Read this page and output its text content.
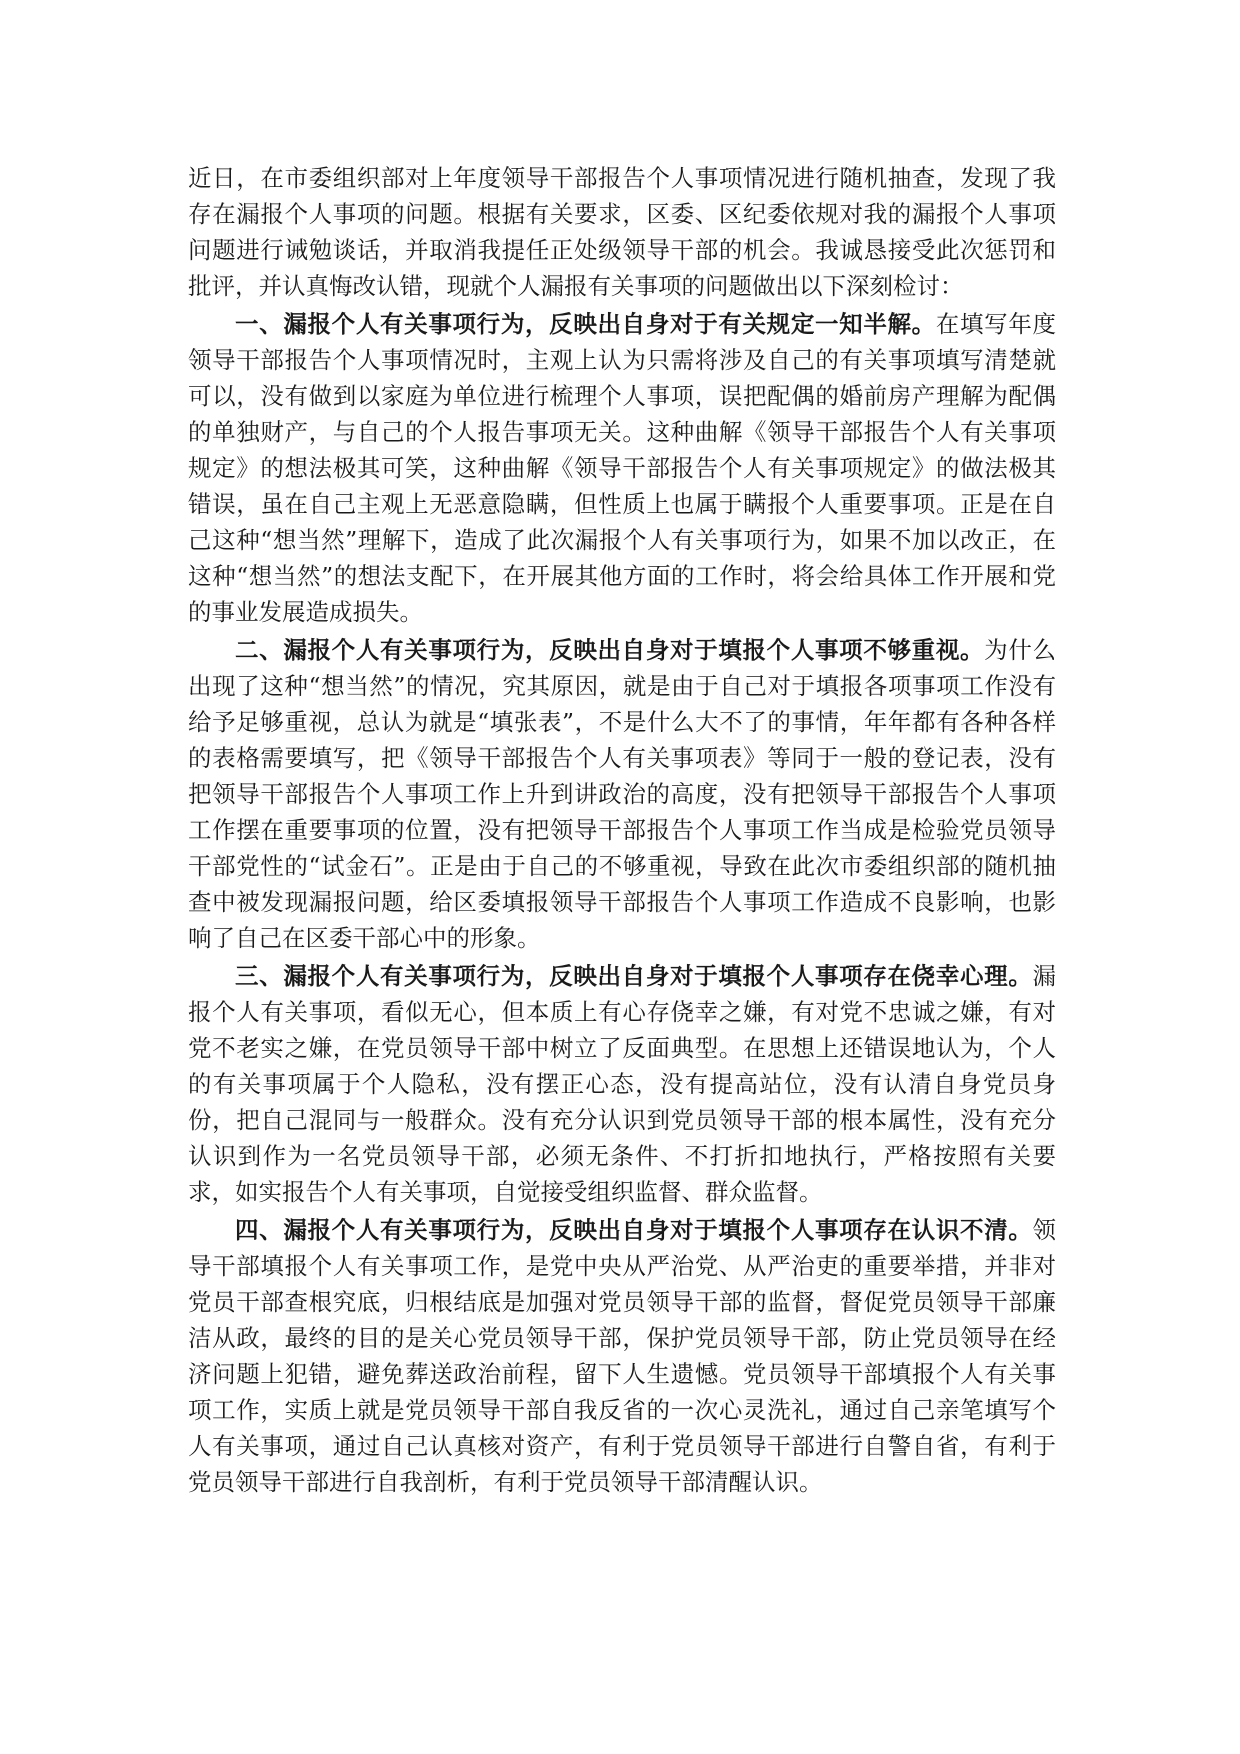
近日，在市委组织部对上年度领导干部报告个人事项情况进行随机抽查，发现了我存在漏报个人事项的问题。根据有关要求，区委、区纪委依规对我的漏报个人事项问题进行诫勉谈话，并取消我提任正处级领导干部的机会。我诚恳接受此次惩罚和批评，并认真悔改认错，现就个人漏报有关事项的问题做出以下深刻检讨：

一、漏报个人有关事项行为，反映出自身对于有关规定一知半解。在填写年度领导干部报告个人事项情况时，主观上认为只需将涉及自己的有关事项填写清楚就可以，没有做到以家庭为单位进行梳理个人事项，误把配偶的婚前房产理解为配偶的单独财产，与自己的个人报告事项无关。这种曲解《领导干部报告个人有关事项规定》的想法极其可笑，这种曲解《领导干部报告个人有关事项规定》的做法极其错误，虽在自己主观上无恶意隐瞒，但性质上也属于瞒报个人重要事项。正是在自己这种“想当然”理解下，造成了此次漏报个人有关事项行为，如果不加以改正，在这种“想当然”的想法支配下，在开展其他方面的工作时，将会给具体工作开展和党的事业发展造成损失。

二、漏报个人有关事项行为，反映出自身对于填报个人事项不够重视。为什么出现了这种“想当然”的情况，究其原因，就是由于自己对于填报各项事项工作没有给予足够重视，总认为就是“填张表”，不是什么大不了的事情，年年都有各种各样的表格需要填写，把《领导干部报告个人有关事项表》等同于一般的登记表，没有把领导干部报告个人事项工作上升到讲政治的高度，没有把领导干部报告个人事项工作摆在重要事项的位置，没有把领导干部报告个人事项工作当成是检验党员领导干部党性的“试金石”。正是由于自己的不够重视，导致在此次市委组织部的随机抽查中被发现漏报问题，给区委填报领导干部报告个人事项工作造成不良影响，也影响了自己在区委干部心中的形象。

三、漏报个人有关事项行为，反映出自身对于填报个人事项存在侥幸心理。漏报个人有关事项，看似无心，但本质上有心存侥幸之嫌，有对党不忠诚之嫌，有对党不老实之嫌，在党员领导干部中树立了反面典型。在思想上还错误地认为，个人的有关事项属于个人隐私，没有摆正心态，没有提高站位，没有认清自身党员身份，把自己混同与一般群众。没有充分认识到党员领导干部的根本属性，没有充分认识到作为一名党员领导干部，必须无条件、不打折扣地执行，严格按照有关要求，如实报告个人有关事项，自觉接受组织监督、群众监督。

四、漏报个人有关事项行为，反映出自身对于填报个人事项存在认识不清。领导干部填报个人有关事项工作，是党中央从严治党、从严治吏的重要举措，并非对党员干部查根究底，归根结底是加强对党员领导干部的监督，督促党员领导干部廉洁从政，最终的目的是关心党员领导干部，保护党员领导干部，防止党员领导在经济问题上犯错，避免葬送政治前程，留下人生遗憾。党员领导干部填报个人有关事项工作，实质上就是党员领导干部自我反省的一次心灵洗礼，通过自己亲笔填写个人有关事项，通过自己认真核对资产，有利于党员领导干部进行自警自省，有利于党员领导干部进行自我剖析，有利于党员领导干部清醒认识。
